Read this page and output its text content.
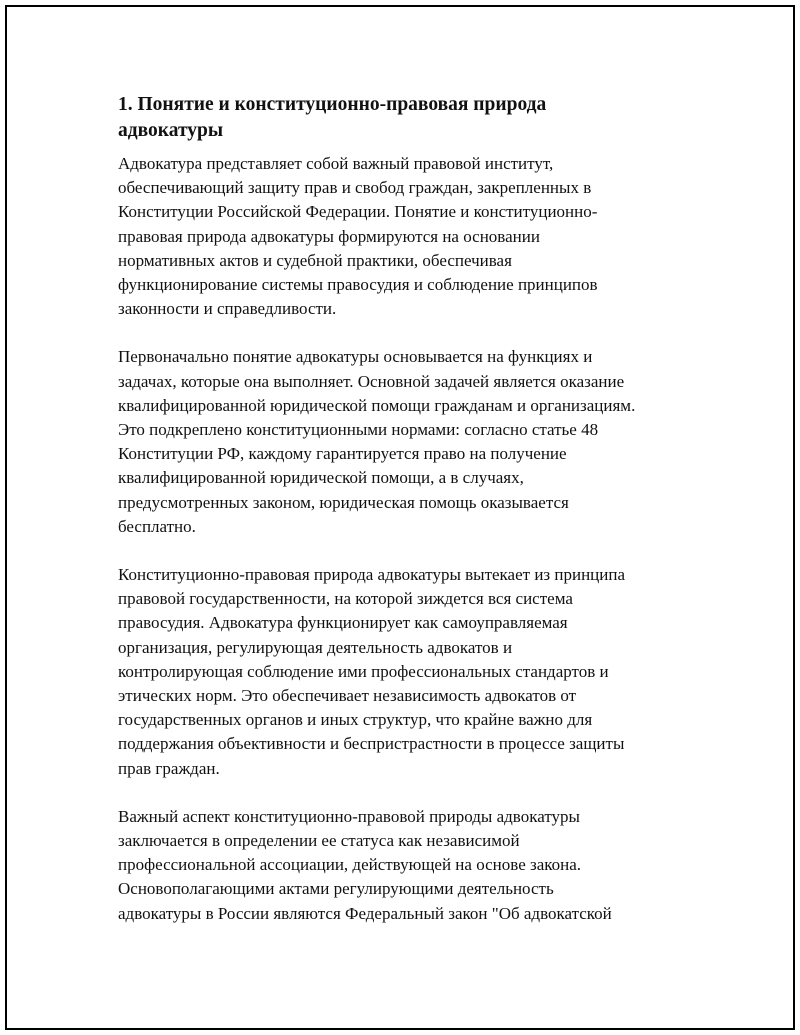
1. Понятие и конституционно-правовая природа
адвокатуры

Адвокатура представляет собой важный правовой институт,
обеспечивающий защиту прав и свобод граждан, закрепленных в
Конституции Российской Федерации. Понятие и конституционно-
правовая природа адвокатуры формируются на основании
нормативных актов и судебной практики, обеспечивая
функционирование системы правосудия и соблюдение принципов
законности и справедливости.

Первоначально понятие адвокатуры основывается на функциях и
задачах, которые она выполняет. Основной задачей является оказание
квалифицированной юридической помощи гражданам и организациям.
Это подкреплено конституционными нормами: согласно статье 48
Конституции РФ, каждому гарантируется право на получение
квалифицированной юридической помощи, а в случаях,
предусмотренных законом, юридическая помощь оказывается
бесплатно.

Конституционно-правовая природа адвокатуры вытекает из принципа
правовой государственности, на которой зиждется вся система
правосудия. Адвокатура функционирует как самоуправляемая
организация, регулирующая деятельность адвокатов и
контролирующая соблюдение ими профессиональных стандартов и
этических норм. Это обеспечивает независимость адвокатов от
государственных органов и иных структур, что крайне важно для
поддержания объективности и беспристрастности в процессе защиты
прав граждан.

Важный аспект конституционно-правовой природы адвокатуры
заключается в определении ее статуса как независимой
профессиональной ассоциации, действующей на основе закона.
Основополагающими актами регулирующими деятельность
адвокатуры в России являются Федеральный закон "Об адвокатской
